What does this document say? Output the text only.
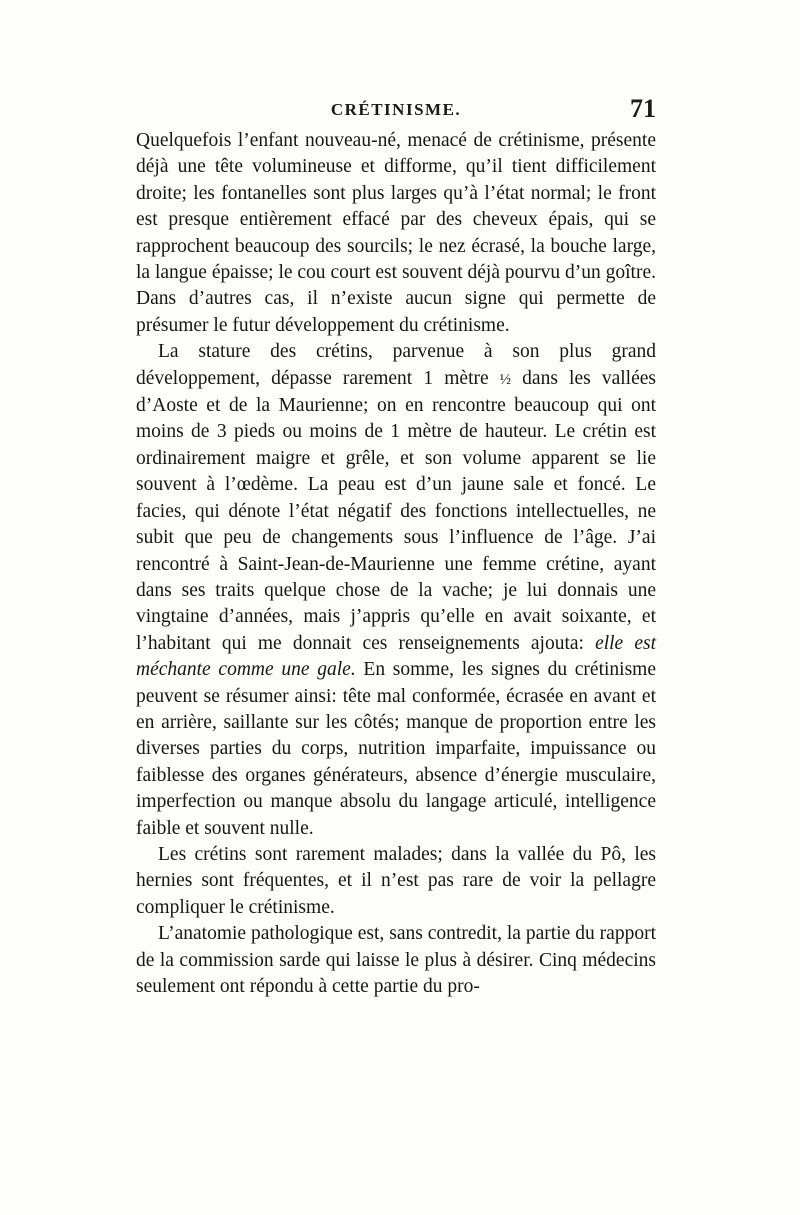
CRÉTINISME.	71

Quelquefois l’enfant nouveau-né, menacé de crétinisme, présente déjà une tête volumineuse et difforme, qu’il tient difficilement droite; les fontanelles sont plus larges qu’à l’état normal; le front est presque entièrement effacé par des cheveux épais, qui se rapprochent beaucoup des sourcils; le nez écrasé, la bouche large, la langue épaisse; le cou court est souvent déjà pourvu d’un goître. Dans d’autres cas, il n’existe aucun signe qui permette de présumer le futur développement du crétinisme.

La stature des crétins, parvenue à son plus grand développement, dépasse rarement 1 mètre ½ dans les vallées d’Aoste et de la Maurienne; on en rencontre beaucoup qui ont moins de 3 pieds ou moins de 1 mètre de hauteur. Le crétin est ordinairement maigre et grêle, et son volume apparent se lie souvent à l’œdème. La peau est d’un jaune sale et foncé. Le facies, qui dénote l’état négatif des fonctions intellectuelles, ne subit que peu de changements sous l’influence de l’âge. J’ai rencontré à Saint-Jean-de-Maurienne une femme crétine, ayant dans ses traits quelque chose de la vache; je lui donnais une vingtaine d’années, mais j’appris qu’elle en avait soixante, et l’habitant qui me donnait ces renseignements ajouta: elle est méchante comme une gale. En somme, les signes du crétinisme peuvent se résumer ainsi: tête mal conformée, écrasée en avant et en arrière, saillante sur les côtés; manque de proportion entre les diverses parties du corps, nutrition imparfaite, impuissance ou faiblesse des organes générateurs, absence d’énergie musculaire, imperfection ou manque absolu du langage articulé, intelligence faible et souvent nulle.

Les crétins sont rarement malades; dans la vallée du Pô, les hernies sont fréquentes, et il n’est pas rare de voir la pellagre compliquer le crétinisme.

L’anatomie pathologique est, sans contredit, la partie du rapport de la commission sarde qui laisse le plus à désirer. Cinq médecins seulement ont répondu à cette partie du pro-
